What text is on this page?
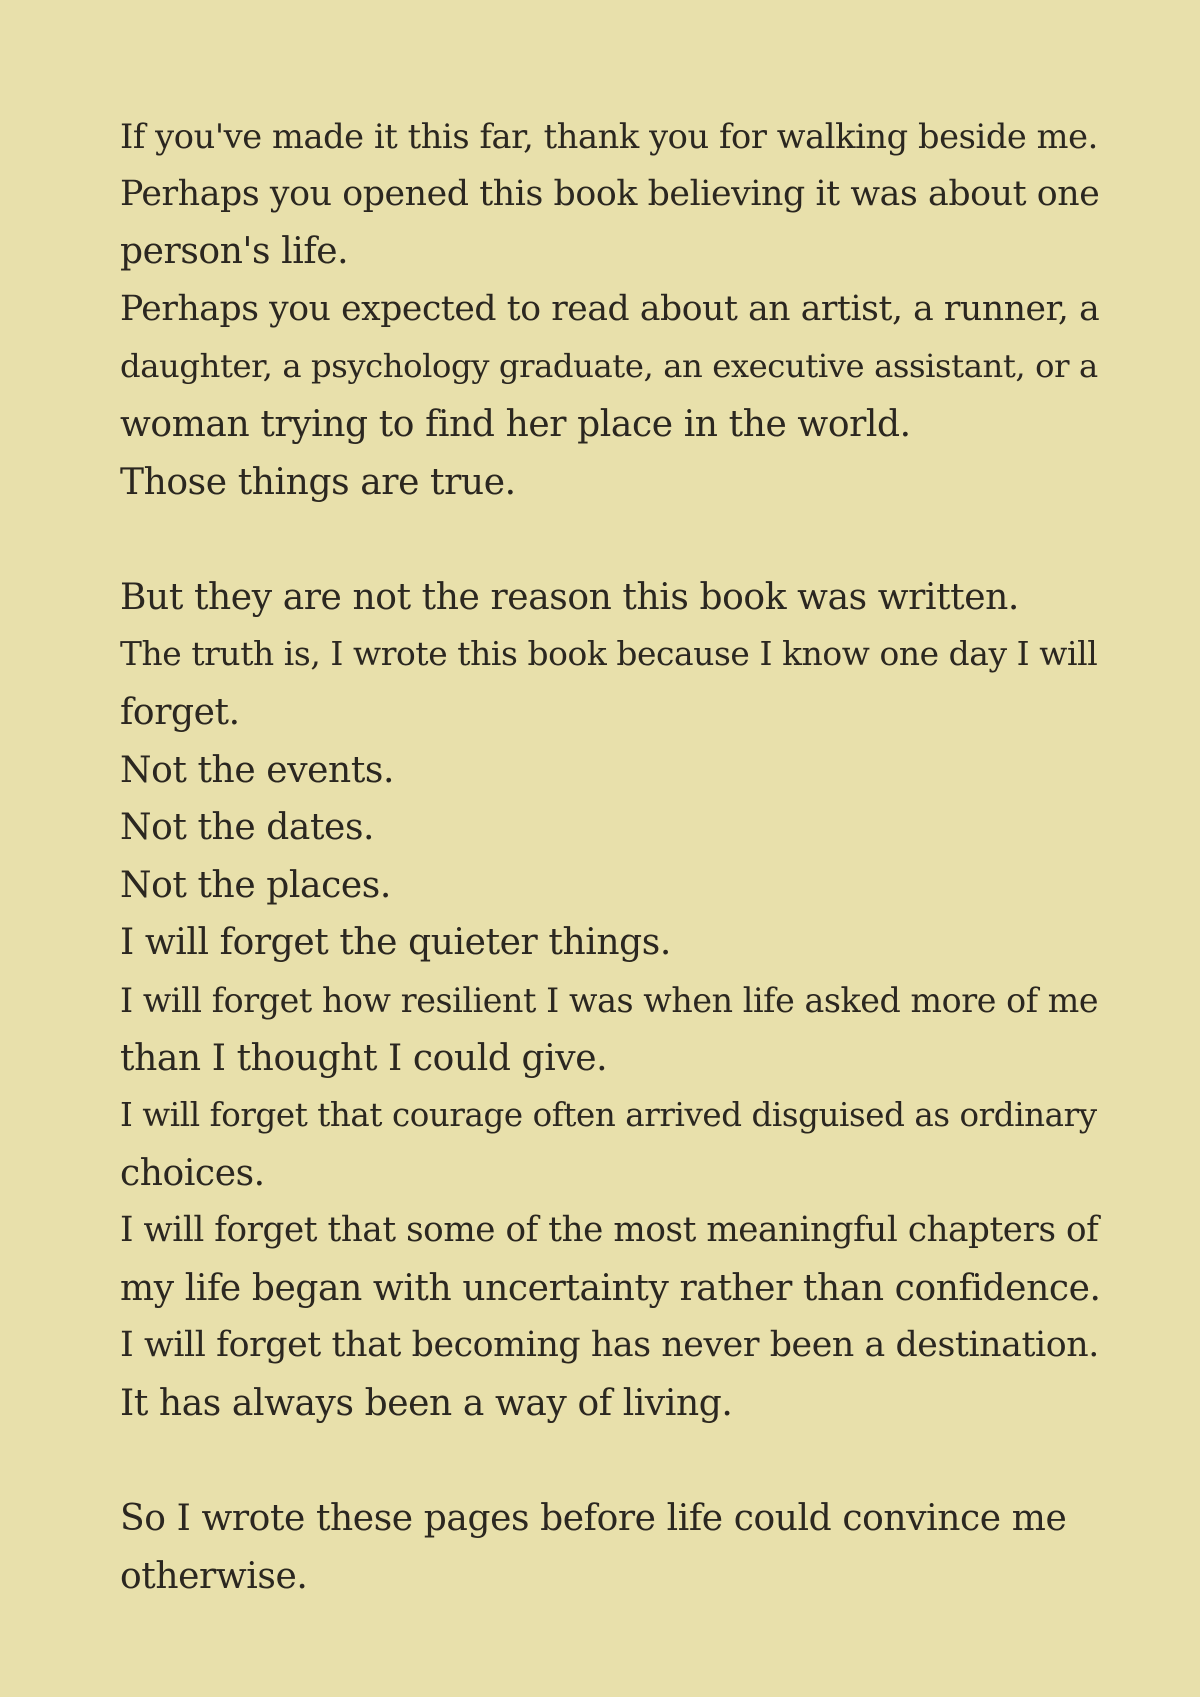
If you've made it this far, thank you for walking beside me.
Perhaps you opened this book believing it was about one
person's life.
Perhaps you expected to read about an artist, a runner, a
daughter, a psychology graduate, an executive assistant, or a
woman trying to find her place in the world.
Those things are true.
But they are not the reason this book was written.
The truth is, I wrote this book because I know one day I will
forget.
Not the events.
Not the dates.
Not the places.
I will forget the quieter things.
I will forget how resilient I was when life asked more of me
than I thought I could give.
I will forget that courage often arrived disguised as ordinary
choices.
I will forget that some of the most meaningful chapters of
my life began with uncertainty rather than confidence.
I will forget that becoming has never been a destination.
It has always been a way of living.
So I wrote these pages before life could convince me
otherwise.
